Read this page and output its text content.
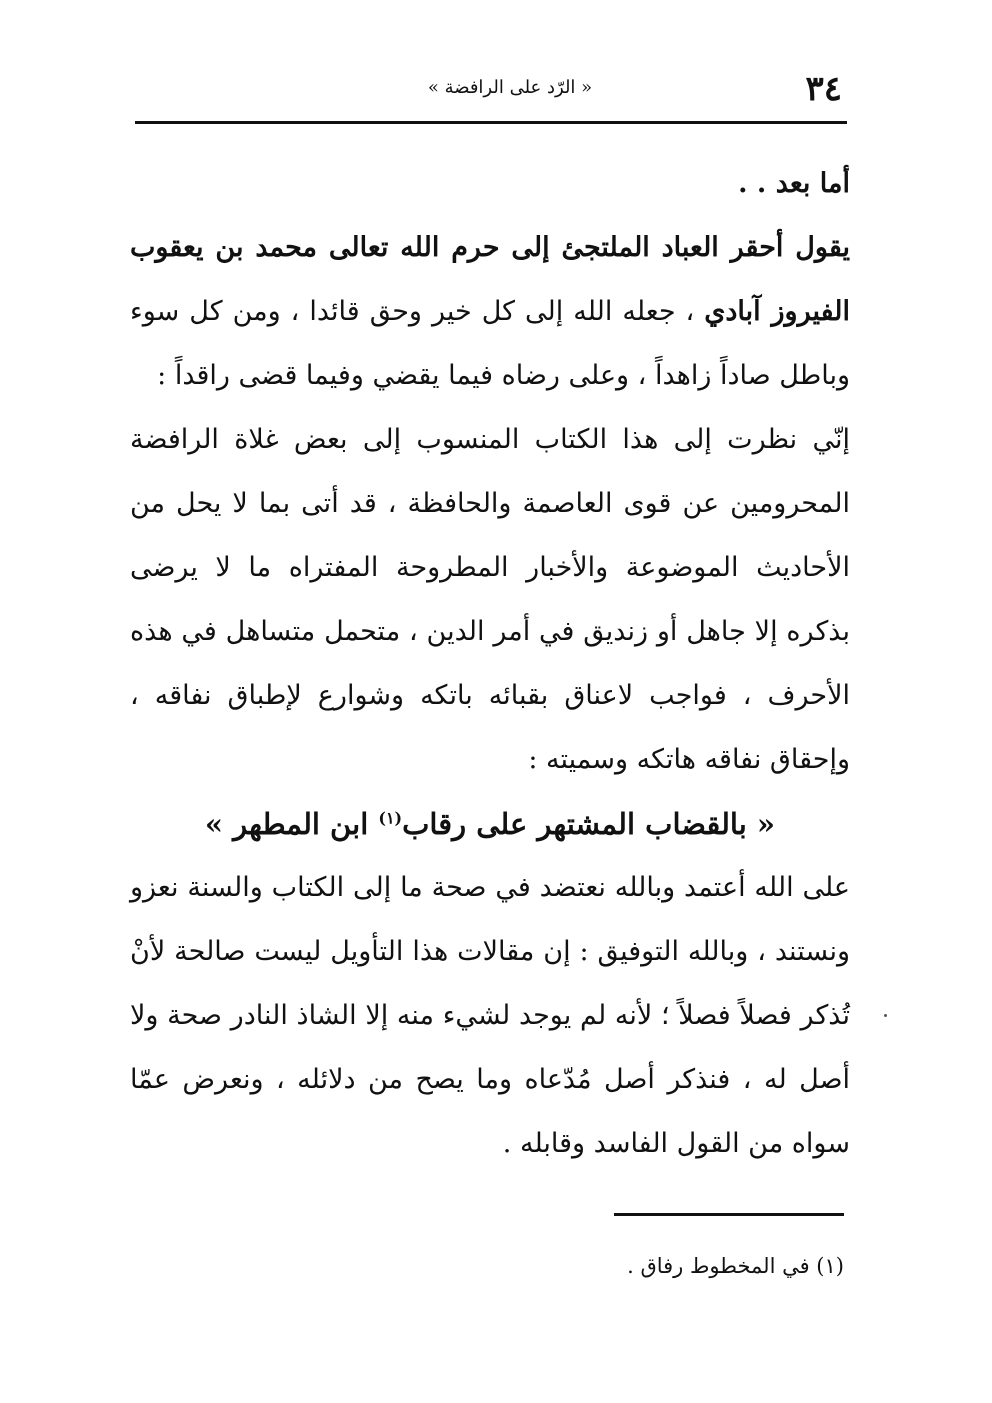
٣٤
« الرّد على الرافضة »

أما بعد . .

يقول أحقر العباد الملتجئ إلى حرم الله تعالى محمد بن يعقوب الفيروز آبادي ، جعله الله إلى كل خير وحق قائدا ، ومن كل سوء وباطل صاداً زاهداً ، وعلى رضاه فيما يقضي وفيما قضى راقداً :

إنّي نظرت إلى هذا الكتاب المنسوب إلى بعض غلاة الرافضة المحرومين عن قوى العاصمة والحافظة ، قد أتى بما لا يحل من الأحاديث الموضوعة والأخبار المطروحة المفتراه ما لا يرضى بذكره إلا جاهل أو زنديق في أمر الدين ، متحمل متساهل في هذه الأحرف ، فواجب لاعناق بقبائه باتكه وشوارع لإطباق نفاقه ، وإحقاق نفاقه هاتكه وسميته :

« بالقضاب المشتهر على رقاب$^{(١)}$ ابن المطهر »

على الله أعتمد وبالله نعتضد في صحة ما إلى الكتاب والسنة نعزو ونستند ، وبالله التوفيق : إن مقالات هذا التأويل ليست صالحة لأنْ تُذكر فصلاً فصلاً ؛ لأنه لم يوجد لشيء منه إلا الشاذ النادر صحة ولا أصل له ، فنذكر أصل مُدّعاه وما يصح من دلائله ، ونعرض عمّا سواه من القول الفاسد وقابله .

(١) في المخطوط رفاق .
